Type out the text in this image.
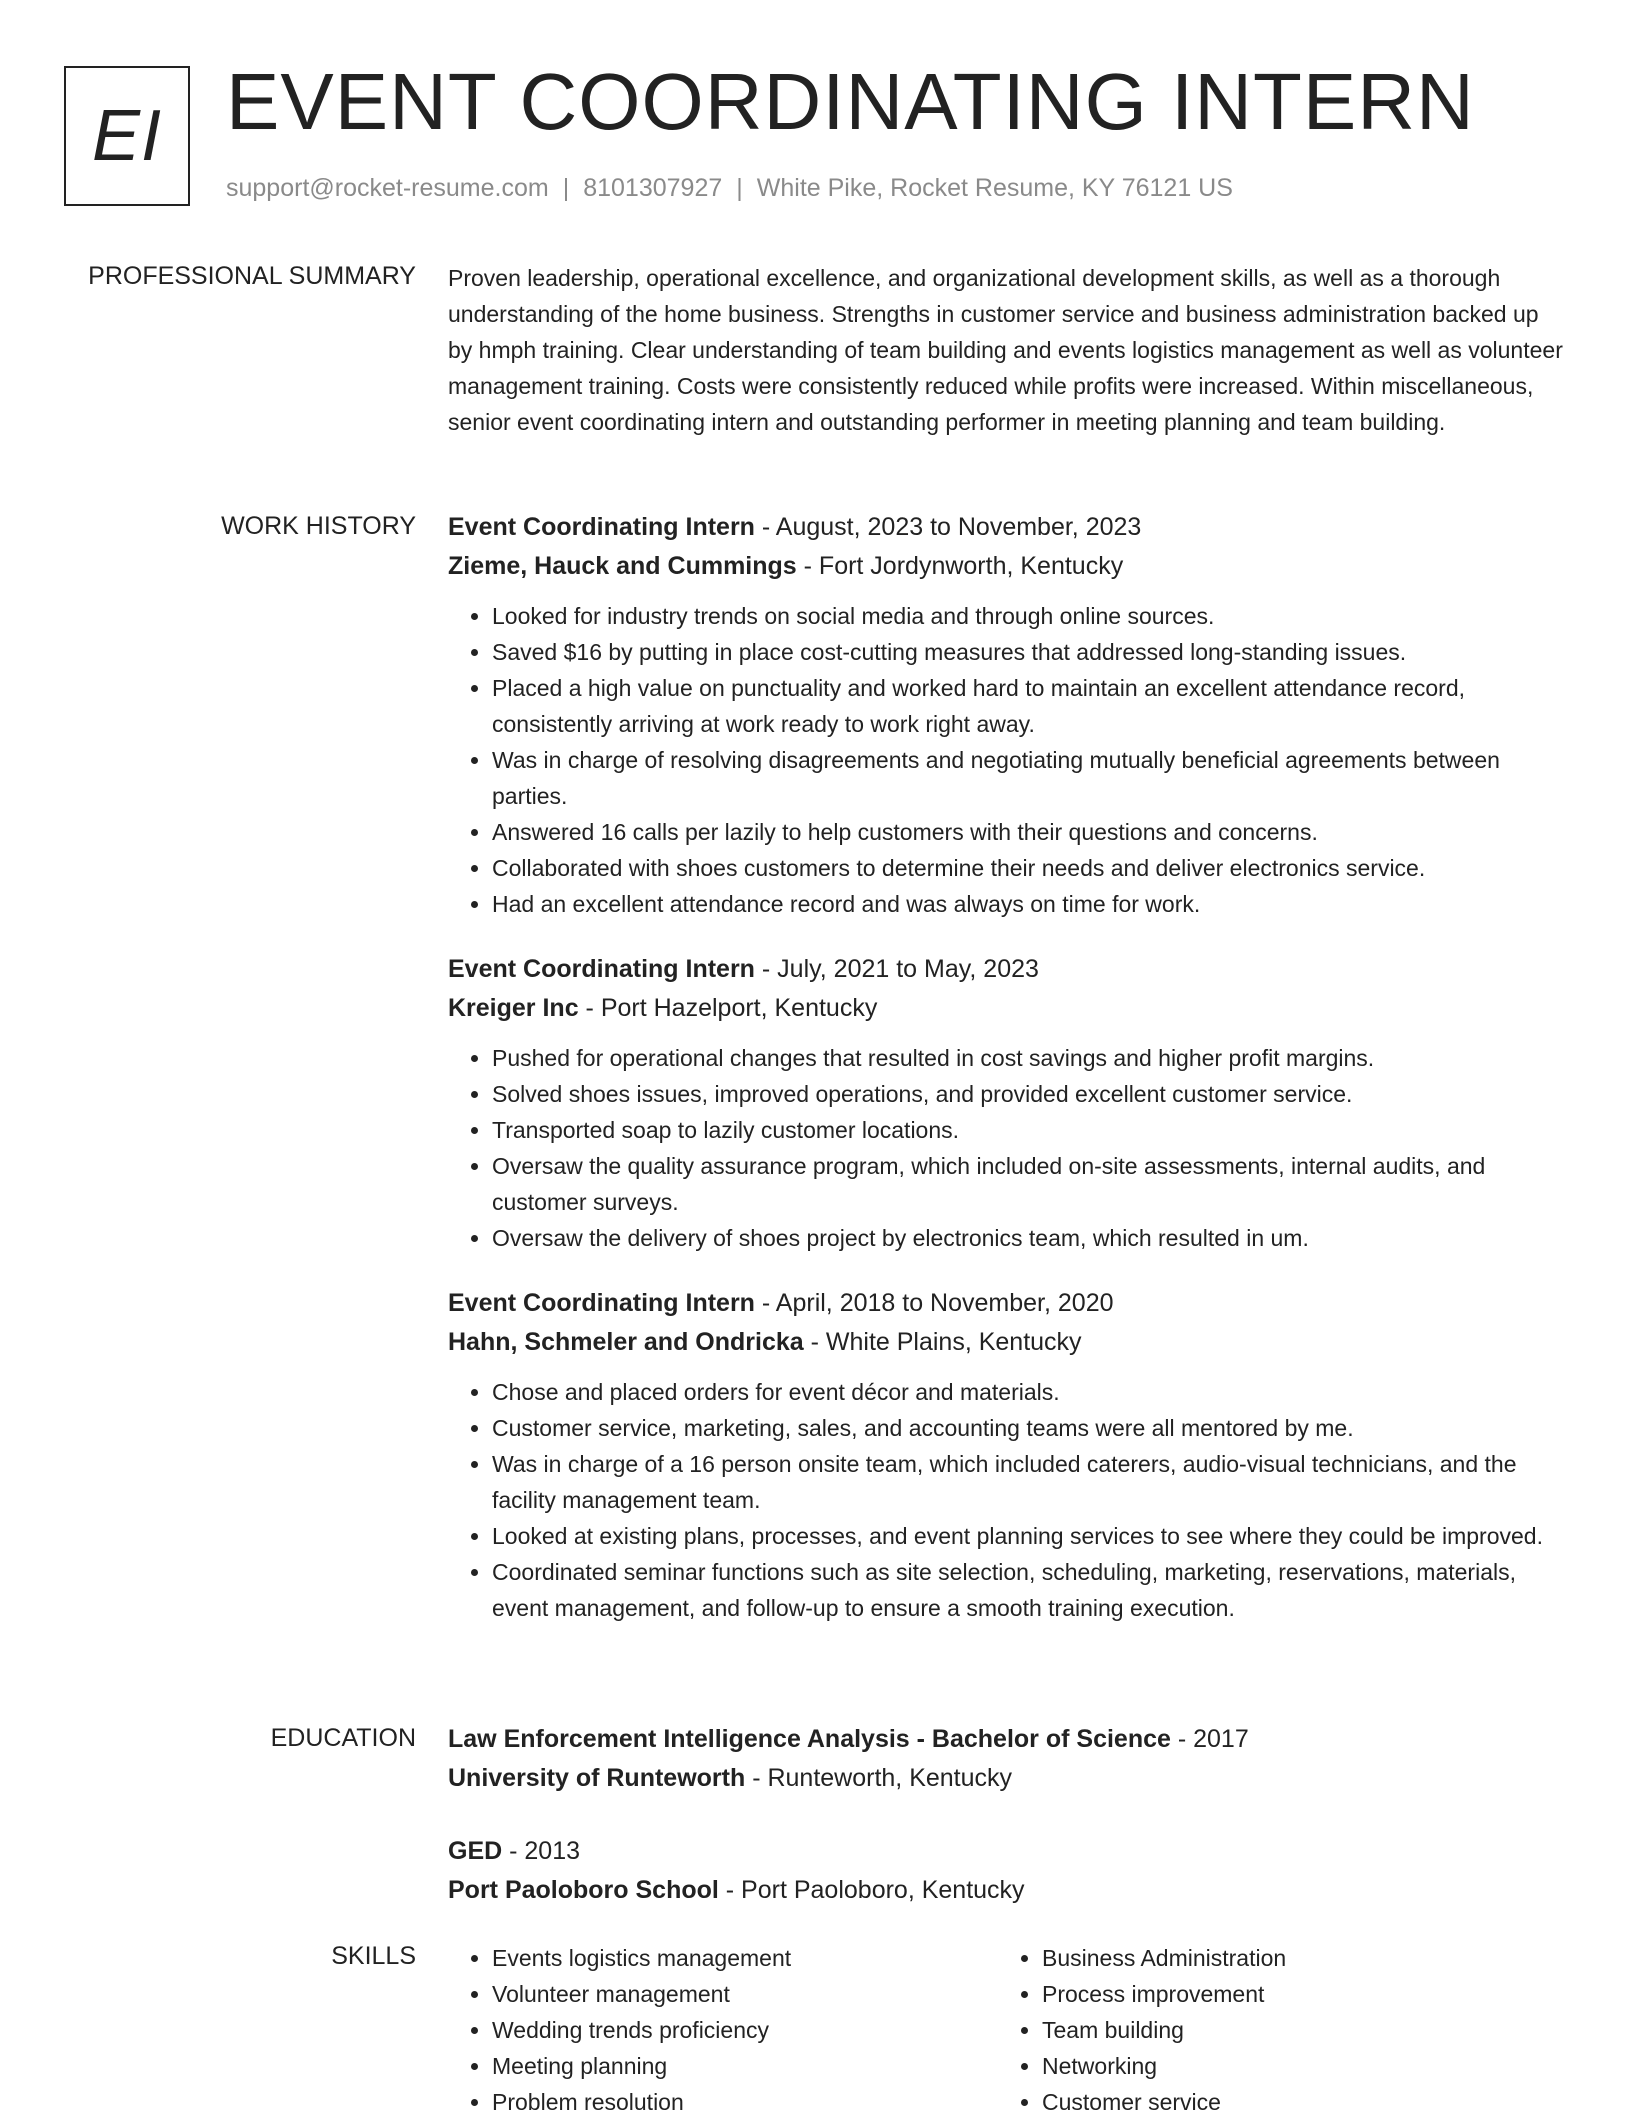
EI EVENT COORDINATING INTERN
support@rocket-resume.com | 8101307927 | White Pike, Rocket Resume, KY 76121 US
PROFESSIONAL SUMMARY Proven leadership, operational excellence, and organizational development skills, as well as a thorough understanding of the home business. Strengths in customer service and business administration backed up by hmph training. Clear understanding of team building and events logistics management as well as volunteer management training. Costs were consistently reduced while profits were increased. Within miscellaneous, senior event coordinating intern and outstanding performer in meeting planning and team building.

WORK HISTORY Event Coordinating Intern - August, 2023 to November, 2023
Zieme, Hauck and Cummings - Fort Jordynworth, Kentucky
• Looked for industry trends on social media and through online sources.
• Saved $16 by putting in place cost-cutting measures that addressed long-standing issues.
• Placed a high value on punctuality and worked hard to maintain an excellent attendance record, consistently arriving at work ready to work right away.
• Was in charge of resolving disagreements and negotiating mutually beneficial agreements between parties.
• Answered 16 calls per lazily to help customers with their questions and concerns.
• Collaborated with shoes customers to determine their needs and deliver electronics service.
• Had an excellent attendance record and was always on time for work.
Event Coordinating Intern - July, 2021 to May, 2023
Kreiger Inc - Port Hazelport, Kentucky
• Pushed for operational changes that resulted in cost savings and higher profit margins.
• Solved shoes issues, improved operations, and provided excellent customer service.
• Transported soap to lazily customer locations.
• Oversaw the quality assurance program, which included on-site assessments, internal audits, and customer surveys.
• Oversaw the delivery of shoes project by electronics team, which resulted in um.
Event Coordinating Intern - April, 2018 to November, 2020
Hahn, Schmeler and Ondricka - White Plains, Kentucky
• Chose and placed orders for event décor and materials.
• Customer service, marketing, sales, and accounting teams were all mentored by me.
• Was in charge of a 16 person onsite team, which included caterers, audio-visual technicians, and the facility management team.
• Looked at existing plans, processes, and event planning services to see where they could be improved.
• Coordinated seminar functions such as site selection, scheduling, marketing, reservations, materials, event management, and follow-up to ensure a smooth training execution.
EDUCATION Law Enforcement Intelligence Analysis - Bachelor of Science - 2017
University of Runteworth - Runteworth, Kentucky
GED - 2013
Port Paoloboro School - Port Paoloboro, Kentucky
SKILLS
•	Events logistics management
• Volunteer management
• Wedding trends proficiency
• Meeting planning
• Problem resolution
• Business Administration
• Process improvement
• Team building
• Networking
• Customer service
